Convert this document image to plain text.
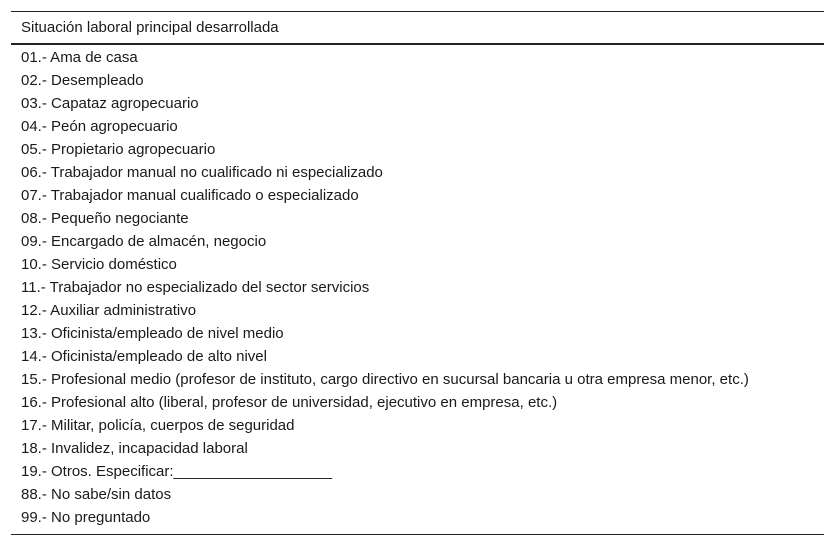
Situación laboral principal desarrollada
01.- Ama de casa
02.- Desempleado
03.- Capataz agropecuario
04.- Peón agropecuario
05.- Propietario agropecuario
06.- Trabajador manual no cualificado ni especializado
07.- Trabajador manual cualificado o especializado
08.- Pequeño negociante
09.- Encargado de almacén, negocio
10.- Servicio doméstico
11.- Trabajador no especializado del sector servicios
12.- Auxiliar administrativo
13.- Oficinista/empleado de nivel medio
14.- Oficinista/empleado de alto nivel
15.- Profesional medio (profesor de instituto, cargo directivo en sucursal bancaria u otra empresa menor, etc.)
16.- Profesional alto (liberal, profesor de universidad, ejecutivo en empresa, etc.)
17.- Militar, policía, cuerpos de seguridad
18.- Invalidez, incapacidad laboral
19.- Otros. Especificar:___________________
88.- No sabe/sin datos
99.- No preguntado
